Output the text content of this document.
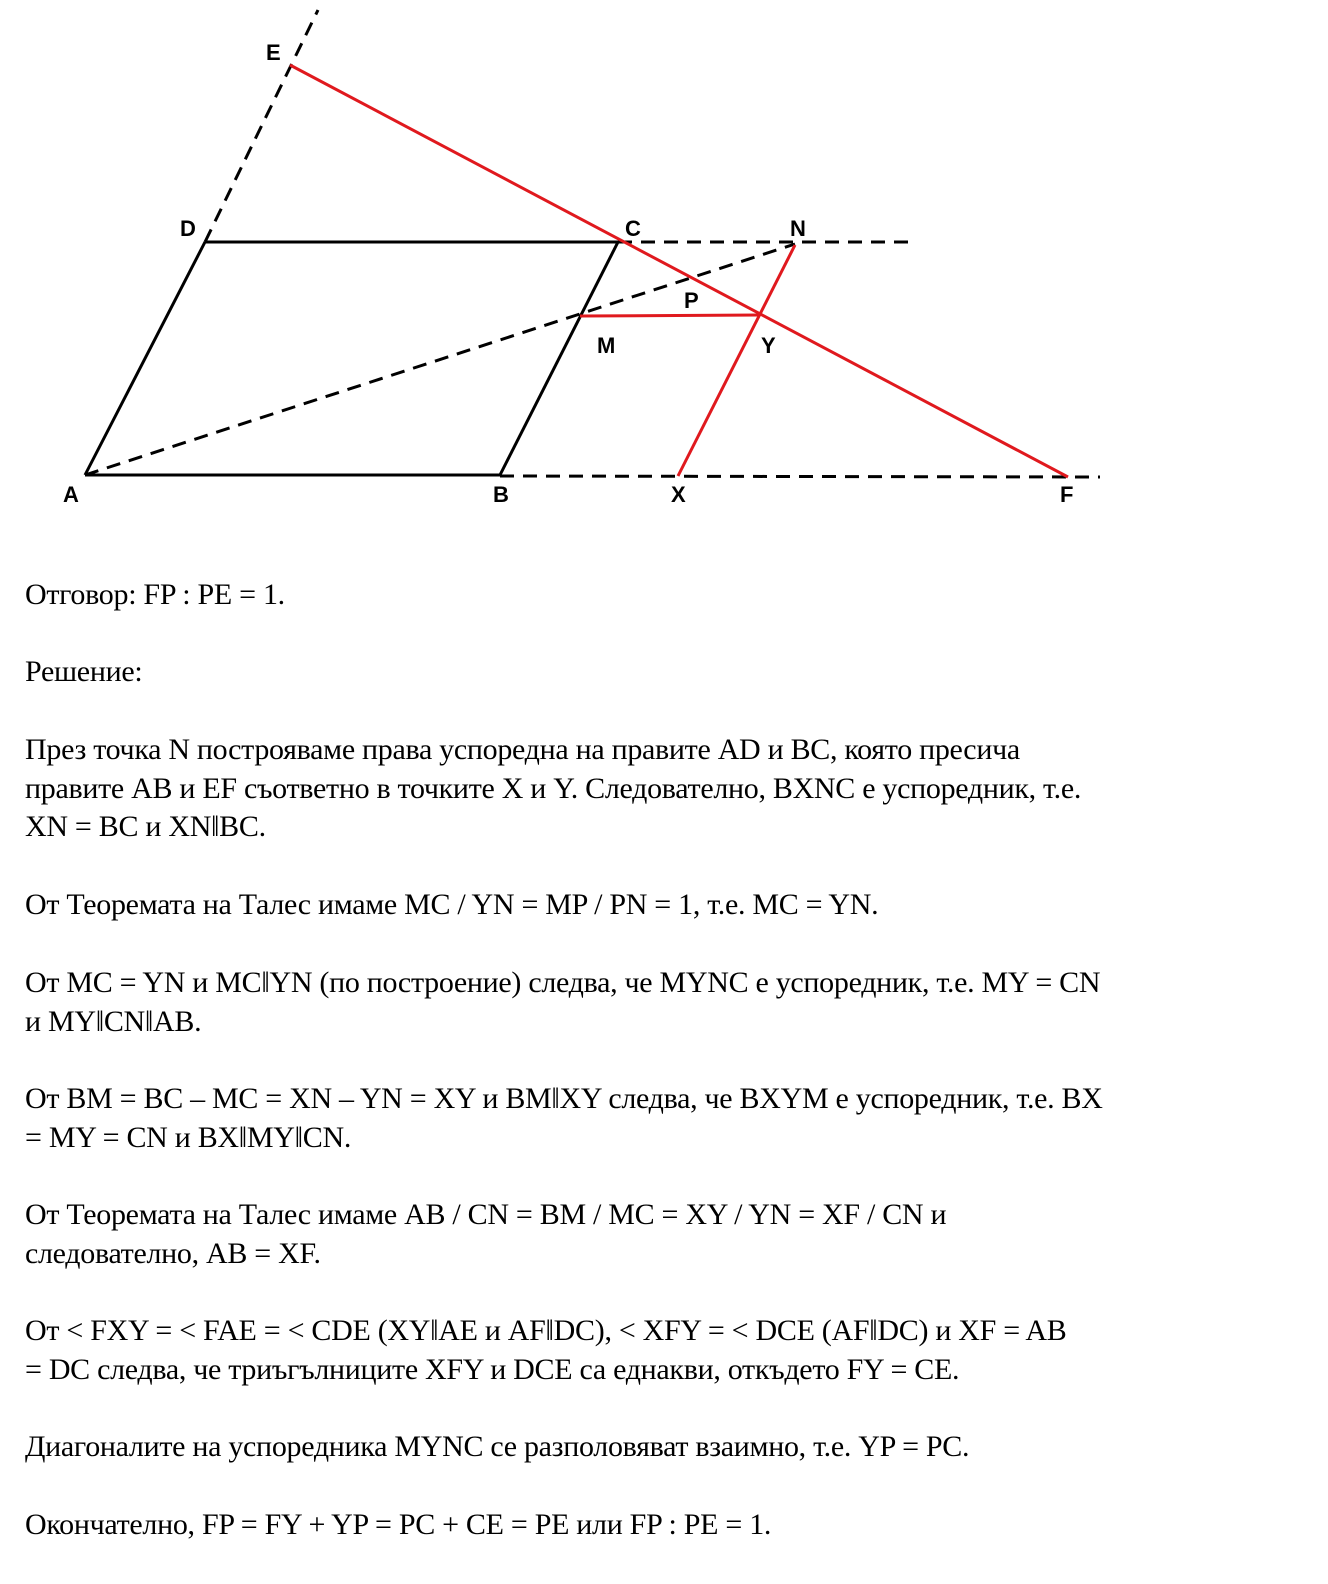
E
D	C	N
P
M	Y
A	B	X	F
Отговор: FP : PE = 1.
Решение:
През точка N построяваме права успоредна на правите AD и BC, която пресича
правите AB и EF съответно в точките X и Y. Следователно, BXNC е успоредник, т.е.
XN = BC и XN‖BC.
От Теоремата на Талес имаме MC / YN = MP / PN = 1, т.е. MC = YN.
От MC = YN и MC‖YN (по построение) следва, че MYNC е успоредник, т.е. MY = CN
и MY‖CN‖AB.
От BM = BC – MC = XN – YN = XY и BM‖XY следва, че BXYM е успоредник, т.е. BX
= MY = CN и BX‖MY‖CN.
От Теоремата на Талес имаме AB / CN = BM / MC = XY / YN = XF / CN и
следователно, AB = XF.
От < FXY = < FAE = < CDE (XY‖AE и AF‖DC), < XFY = < DCE (AF‖DC) и XF = AB
= DC следва, че триъгълниците XFY и DCE са еднакви, откъдето FY = CE.
Диагоналите на успоредника MYNC се разполовяват взаимно, т.е. YP = PC.
Окончателно, FP = FY + YP = PC + CE = PE или FP : PE = 1.
